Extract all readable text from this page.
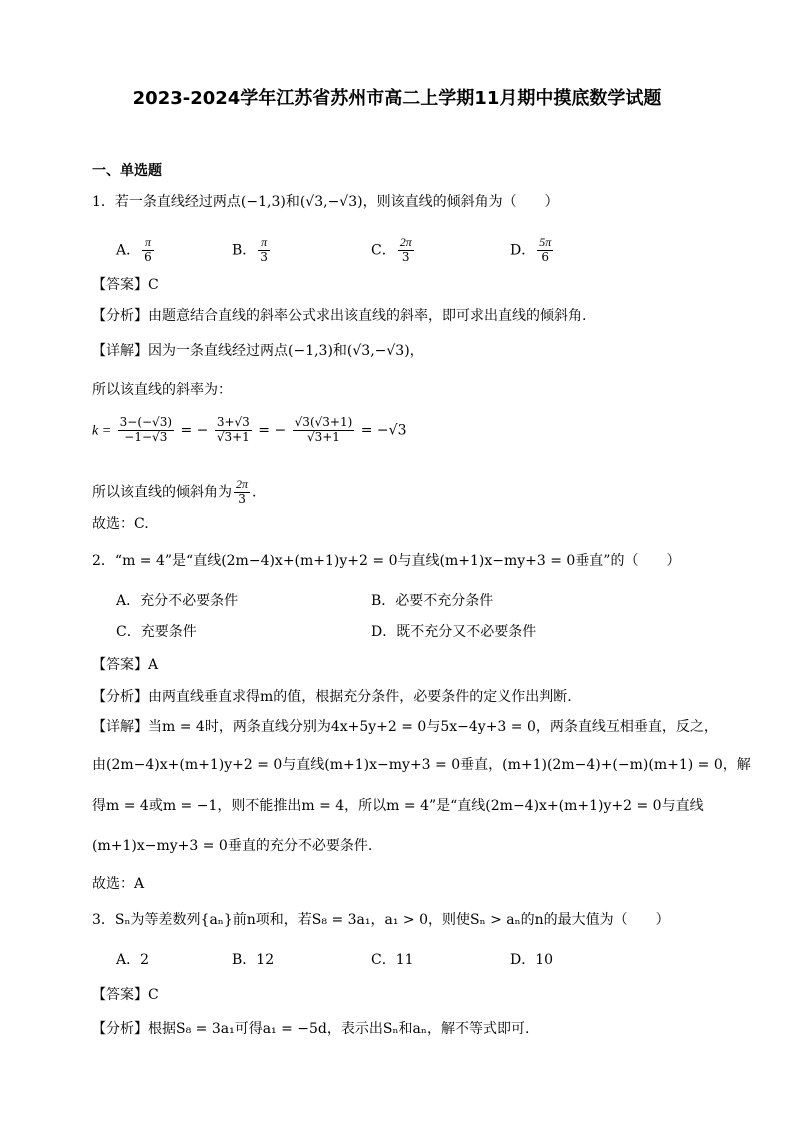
2023-2024学年江苏省苏州市高二上学期11月期中摸底数学试题
一、单选题
1．若一条直线经过两点(−1,3)和(√3,−√3)，则该直线的倾斜角为（　　）
A． $\frac{\pi}{6}$	B． $\frac{\pi}{3}$	C． $\frac{2\pi}{3}$	D． $\frac{5\pi}{6}$
【答案】C
【分析】由题意结合直线的斜率公式求出该直线的斜率，即可求出直线的倾斜角.
【详解】因为一条直线经过两点(−1,3)和(√3,−√3)，
所以该直线的斜率为：
$k = \frac{3-(-√3)}{-1-√3}$ = − $\frac{3+√3}{√3+1}$ = − $\frac{√3(√3+1)}{√3+1} = -√3$
所以该直线的倾斜角为 $\frac{2\pi}{3}$ .
故选：C.
2．“m = 4”是“直线(2m−4)x+(m+1)y+2 = 0与直线(m+1)x−my+3 = 0垂直”的（　　）
A．充分不必要条件	B．必要不充分条件
C．充要条件	D．既不充分又不必要条件
【答案】A
【分析】由两直线垂直求得m的值，根据充分条件，必要条件的定义作出判断.
【详解】当m = 4时，两条直线分别为4x+5y+2 = 0与5x−4y+3 = 0，两条直线互相垂直，反之，
由(2m−4)x+(m+1)y+2 = 0与直线(m+1)x−my+3 = 0垂直，(m+1)(2m−4)+(−m)(m+1) = 0，解
得m = 4或m = −1，则不能推出m = 4，所以m = 4”是“直线(2m−4)x+(m+1)y+2 = 0与直线
(m+1)x−my+3 = 0垂直的充分不必要条件.
故选：A
3．Sₙ为等差数列{aₙ}前n项和，若S₈ = 3a₁，a₁ > 0，则使Sₙ > aₙ的n的最大值为（　　）
A．2	B．12	C．11	D．10
【答案】C
【分析】根据S₈ = 3a₁可得a₁ = −5d，表示出Sₙ和aₙ，解不等式即可.
